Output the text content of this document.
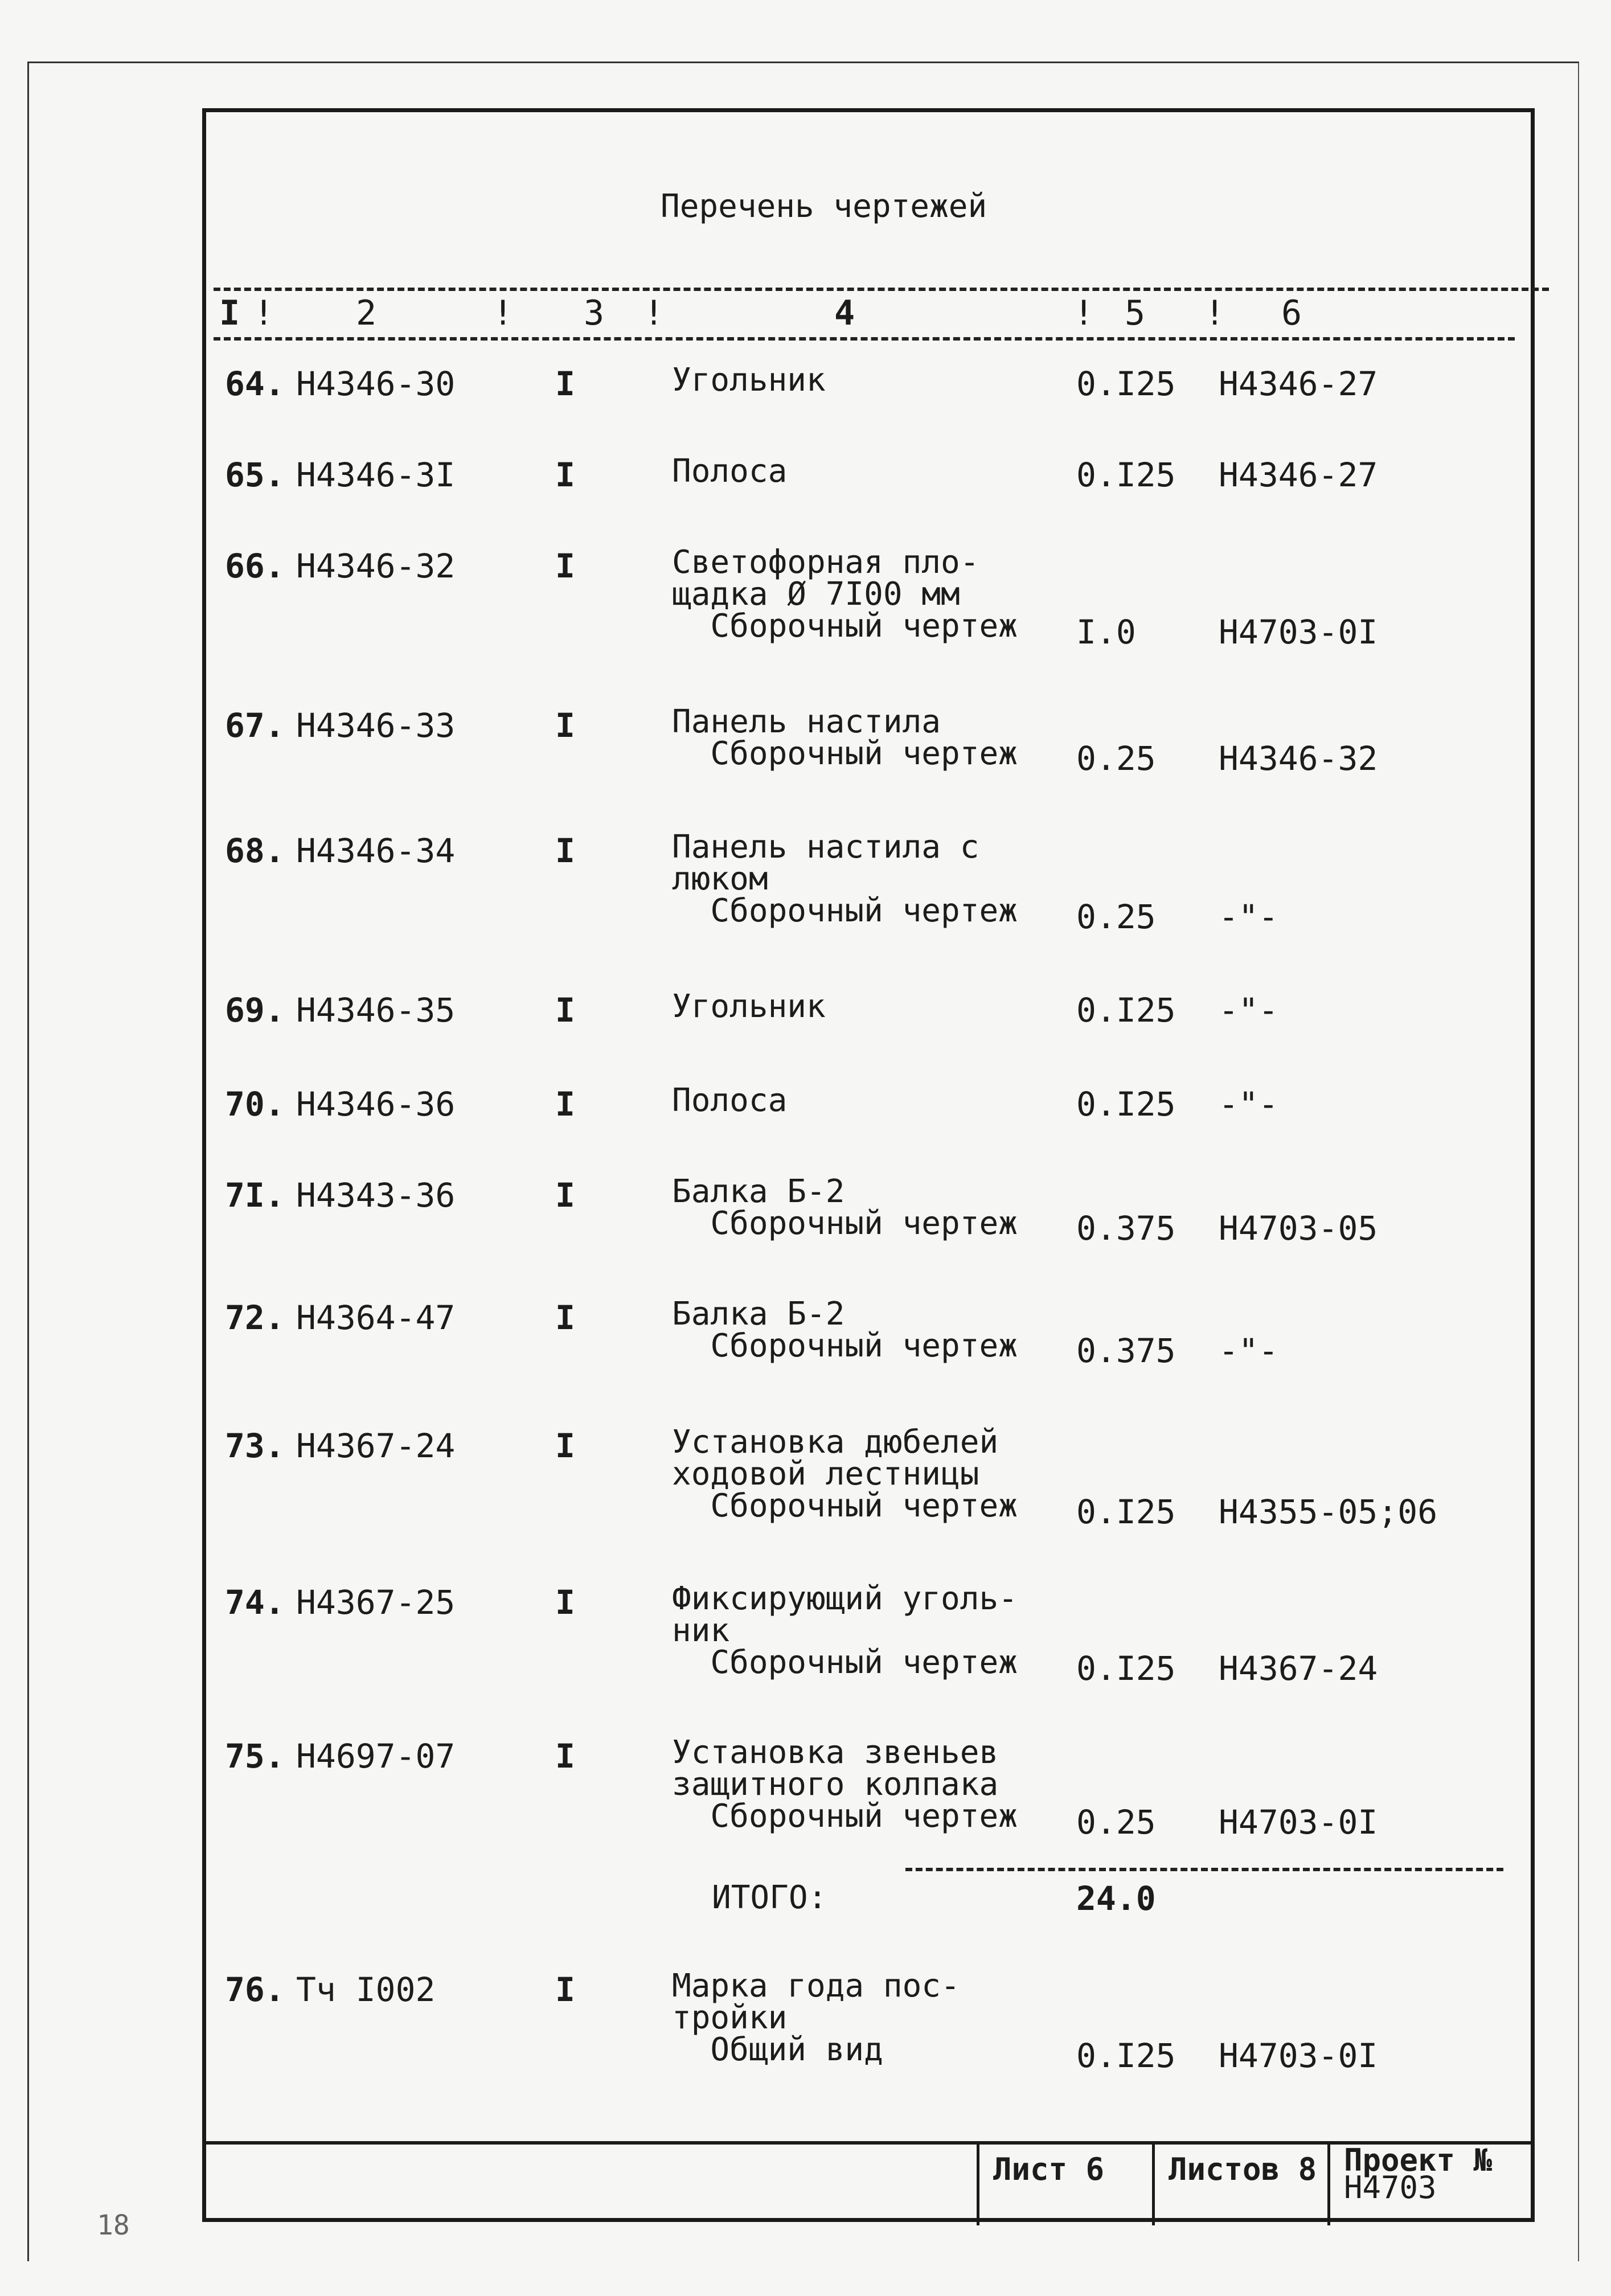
Перечень чертежей
I	2	3	4	5	6
!	!	!	!	!
64. Н4346-30	I	Угольник	0.I25 Н4346-27
65. Н4346-3I	I	Полоса	0.I25 Н4346-27
66. Н4346-32	I	Светофорная пло-
щадка Ø 7I00 мм
Сборочный чертеж I.0	Н4703-0I
67. Н4346-33	I	Панель настила
Сборочный чертеж 0.25 Н4346-32
68. Н4346-34	I	Панель настила с
люком
Сборочный чертеж 0.25 -"-
69. Н4346-35	I	Угольник	0.I25 -"-
70. Н4346-36	I	Полоса	0.I25 -"-
7I. Н4343-36	I	Балка Б-2
Сборочный чертеж 0.375 Н4703-05
72. Н4364-47	I	Балка Б-2
Сборочный чертеж 0.375 -"-
73. Н4367-24	I	Установка дюбелей
ходовой лестницы
Сборочный чертеж 0.I25 Н4355-05;06
74. Н4367-25	I	Фиксирующий уголь-
ник
Сборочный чертеж 0.I25 Н4367-24
75. Н4697-07	I	Установка звеньев
защитного колпака
Сборочный чертеж 0.25 Н4703-0I
76. Тч I002	I	Марка года пос-
тройки
Общий вид	0.I25 Н4703-0I
ИТОГО:	24.0
Лист 6	Листов 8 Проект №
Н4703
18
